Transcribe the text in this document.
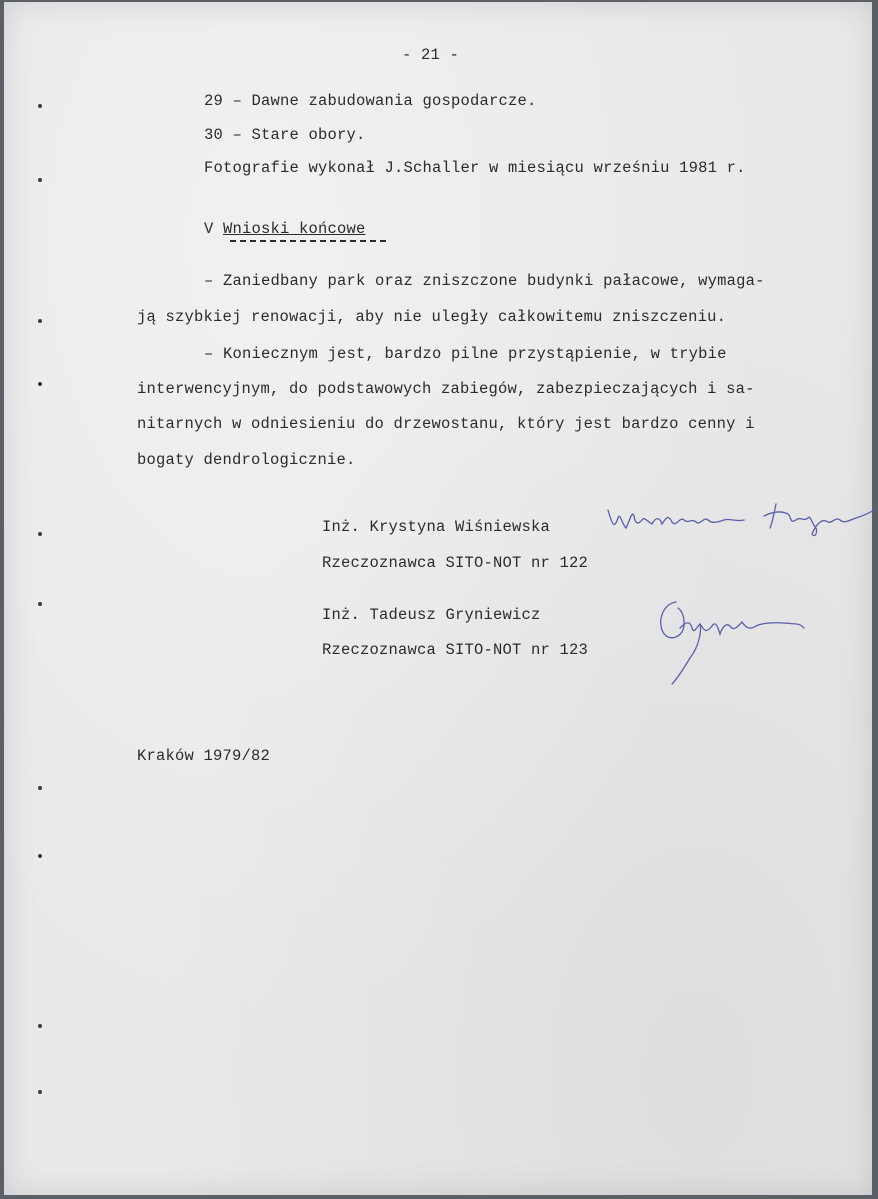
- 21 -
29 – Dawne zabudowania gospodarcze.
30 – Stare obory.
Fotografie wykonał J.Schaller w miesiącu wrześniu 1981 r.
V Wnioski końcowe
– Zaniedbany park oraz zniszczone budynki pałacowe, wymaga-
ją szybkiej renowacji, aby nie uległy całkowitemu zniszczeniu.
– Koniecznym jest, bardzo pilne przystąpienie, w trybie
interwencyjnym, do podstawowych zabiegów, zabezpieczających i sa-
nitarnych w odniesieniu do drzewostanu, który jest bardzo cenny i
bogaty dendrologicznie.
Inż. Krystyna Wiśniewska
Rzeczoznawca SITO-NOT nr 122
Inż. Tadeusz Gryniewicz
Rzeczoznawca SITO-NOT nr 123
Kraków 1979/82
